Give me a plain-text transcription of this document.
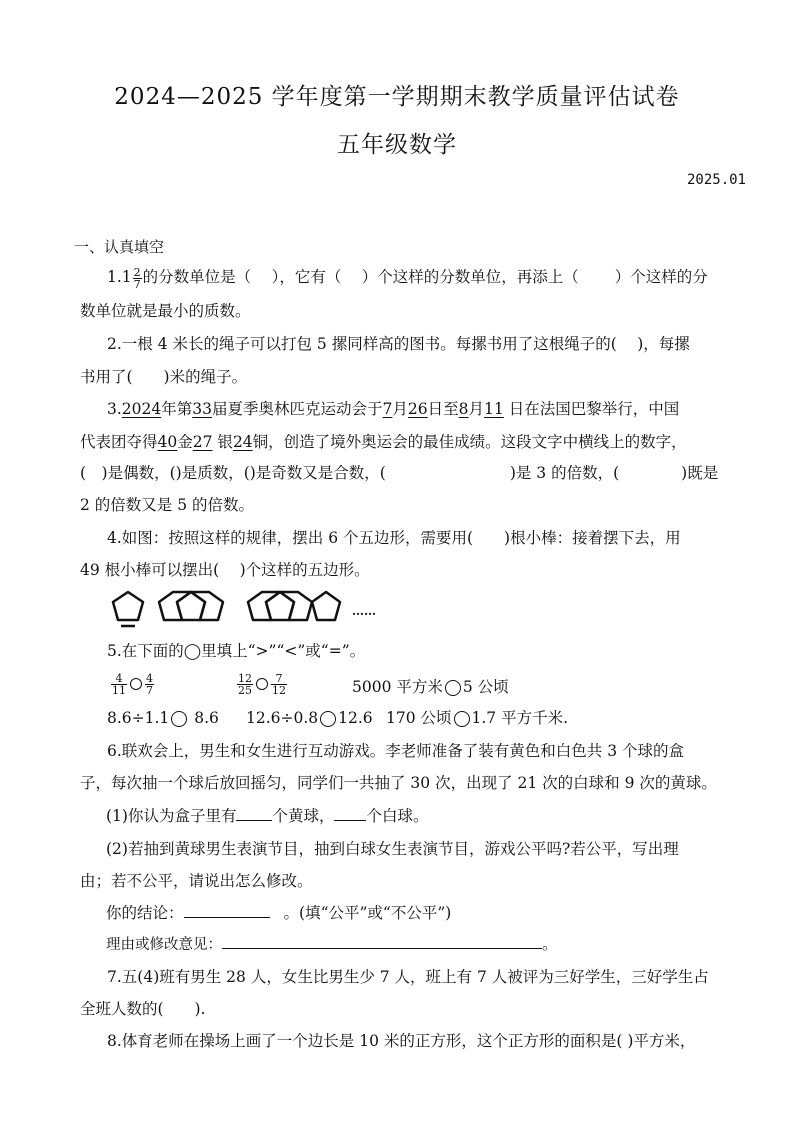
2024—2025 学年度第一学期期末教学质量评估试卷
五年级数学
2025.01
一、认真填空
$1.1 \frac{2}{7}$ 的分数单位是（　 ），它有（　 ）个这样的分数单位，再添上（　　 ）个这样的分
数单位就是最小的质数。
2.一根 4 米长的绳子可以打包 5 摞同样高的图书。每摞书用了这根绳子的(　 )，每摞
书用了(　　)米的绳子。
3.2024年第33届夏季奥林匹克运动会于7月26日至8月11 日在法国巴黎举行，中国
代表团夺得40金27 银24铜，创造了境外奥运会的最佳成绩。这段文字中横线上的数字，
(　)是偶数，()是质数，()是奇数又是合数，(　　　　　　　　)是 3 的倍数，(　　　　)既是
2 的倍数又是 5 的倍数。
4.如图：按照这样的规律，摆出 6 个五边形，需要用(　　)根小棒：接着摆下去，用
49 根小棒可以摆出(　 )个这样的五边形。
……
5.在下面的◯里填上“>”“<”或“=”。
$\frac{4}{11} \frac{4}{7}$	$\frac{12}{25} \frac{7}{12}$	5000 平方米 5 公顷
8.6÷1.1 8.6 12.6÷0.8 12.6 170 公顷 1.7 平方千米.
6.联欢会上，男生和女生进行互动游戏。李老师准备了装有黄色和白色共 3 个球的盒
子，每次抽一个球后放回摇匀，同学们一共抽了 30 次，出现了 21 次的白球和 9 次的黄球。
(1)你认为盒子里有 个黄球， 个白球。
(2)若抽到黄球男生表演节目，抽到白球女生表演节目，游戏公平吗?若公平，写出理
由；若不公平，请说出怎么修改。
你的结论：	。(填“公平”或“不公平”)
理由或修改意见：	。
7.五(4)班有男生 28 人，女生比男生少 7 人，班上有 7 人被评为三好学生，三好学生占
全班人数的(　　).
8.体育老师在操场上画了一个边长是 10 米的正方形，这个正方形的面积是( )平方米，
